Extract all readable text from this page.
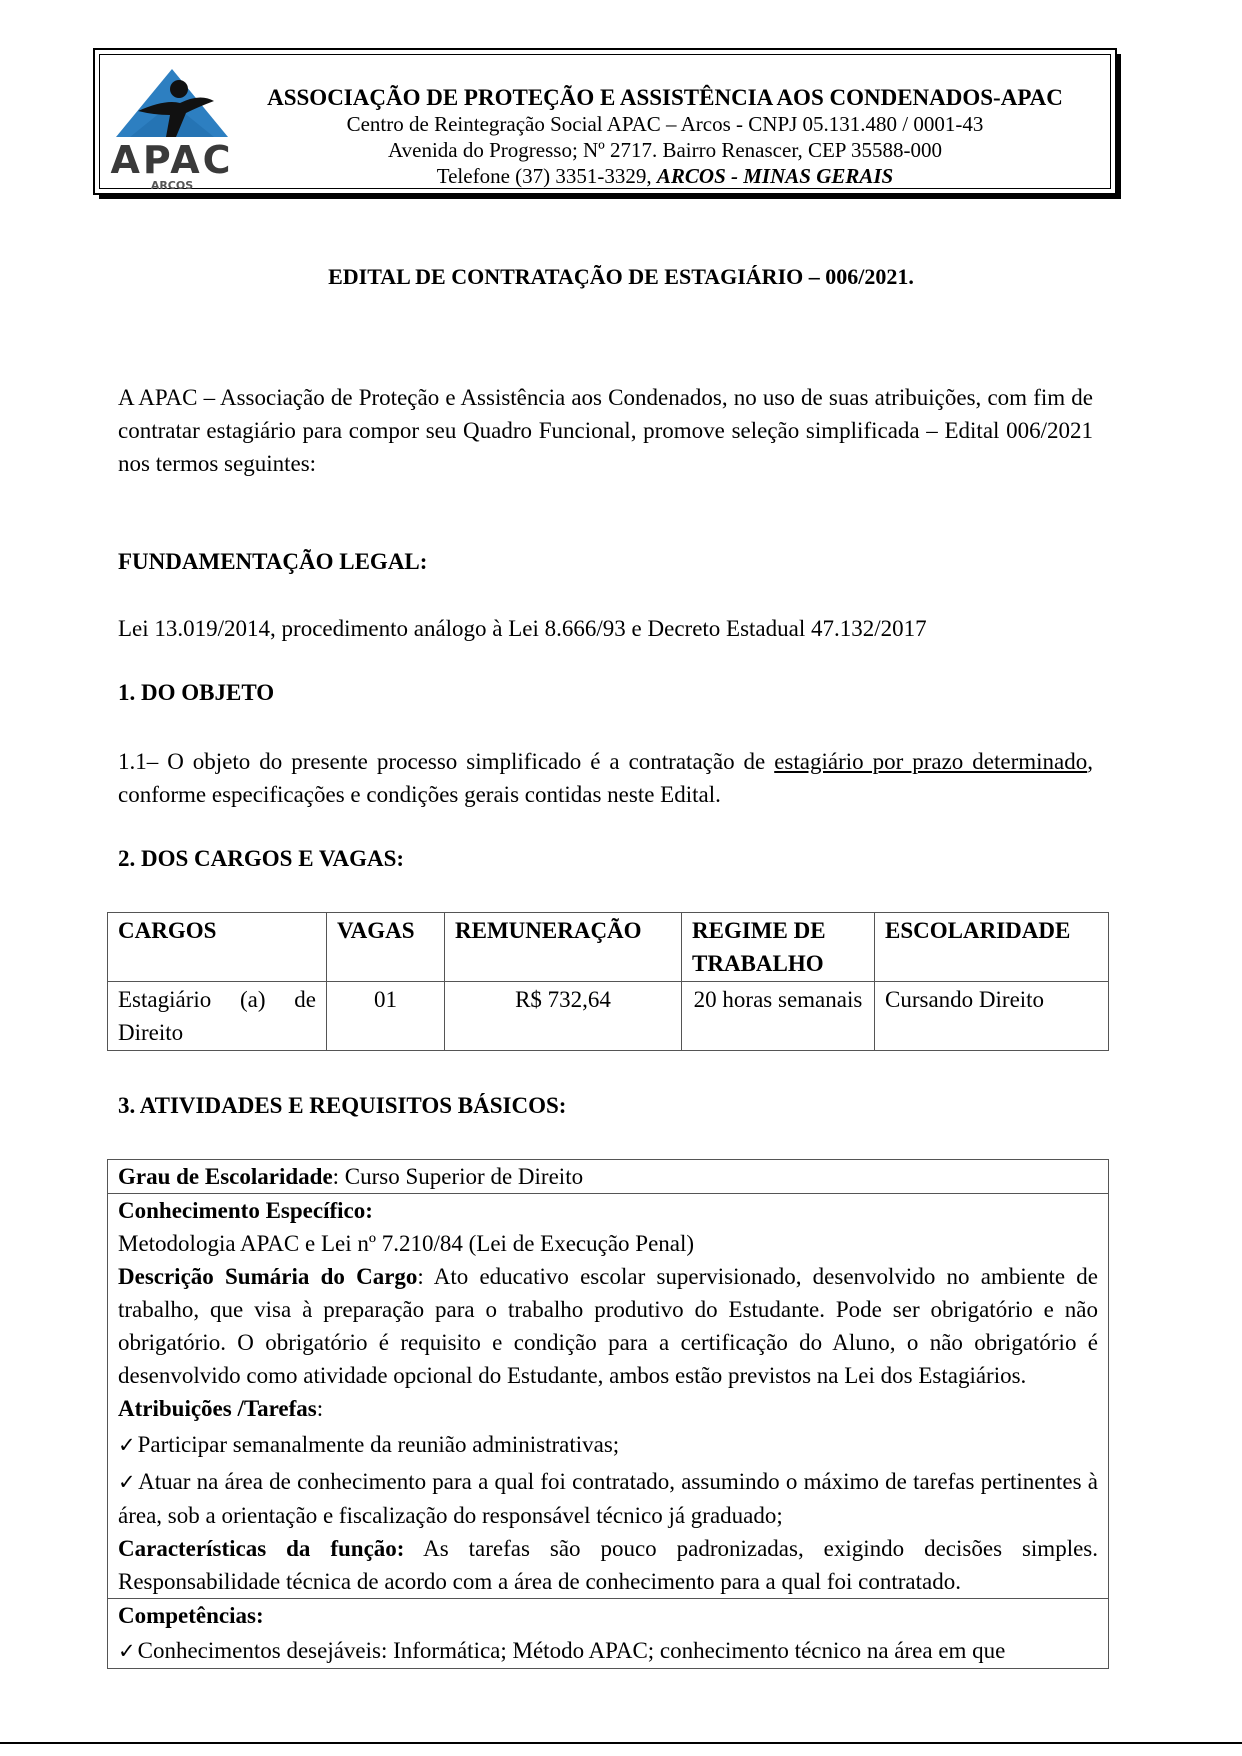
APAC
ARCOS
ASSOCIAÇÃO DE PROTEÇÃO E ASSISTÊNCIA AOS CONDENADOS-APAC
Centro de Reintegração Social APAC – Arcos - CNPJ 05.131.480 / 0001-43
Avenida do Progresso; Nº 2717. Bairro Renascer, CEP 35588-000
Telefone (37) 3351-3329, ARCOS - MINAS GERAIS
EDITAL DE CONTRATAÇÃO DE ESTAGIÁRIO – 006/2021.
A APAC – Associação de Proteção e Assistência aos Condenados, no uso de suas atribuições, com fim de contratar estagiário para compor seu Quadro Funcional, promove seleção simplificada – Edital 006/2021 nos termos seguintes:
FUNDAMENTAÇÃO LEGAL:
Lei 13.019/2014, procedimento análogo à Lei 8.666/93 e Decreto Estadual 47.132/2017
1. DO OBJETO
1.1– O objeto do presente processo simplificado é a contratação de estagiário por prazo determinado, conforme especificações e condições gerais contidas neste Edital.
2. DOS CARGOS E VAGAS:
CARGOS	VAGAS	REMUNERAÇÃO	REGIME DE TRABALHO	ESCOLARIDADE
Estagiário (a) de Direito	01	R$ 732,64	20 horas semanais	Cursando Direito
3. ATIVIDADES E REQUISITOS BÁSICOS:
Grau de Escolaridade: Curso Superior de Direito
Conhecimento Específico:
Metodologia APAC e Lei nº 7.210/84 (Lei de Execução Penal)
Descrição Sumária do Cargo: Ato educativo escolar supervisionado, desenvolvido no ambiente de trabalho, que visa à preparação para o trabalho produtivo do Estudante. Pode ser obrigatório e não obrigatório. O obrigatório é requisito e condição para a certificação do Aluno, o não obrigatório é desenvolvido como atividade opcional do Estudante, ambos estão previstos na Lei dos Estagiários.
Atribuições /Tarefas:
✓Participar semanalmente da reunião administrativas;
✓Atuar na área de conhecimento para a qual foi contratado, assumindo o máximo de tarefas pertinentes à área, sob a orientação e fiscalização do responsável técnico já graduado;
Características da função: As tarefas são pouco padronizadas, exigindo decisões simples. Responsabilidade técnica de acordo com a área de conhecimento para a qual foi contratado.
Competências:
✓Conhecimentos desejáveis: Informática; Método APAC; conhecimento técnico na área em que
